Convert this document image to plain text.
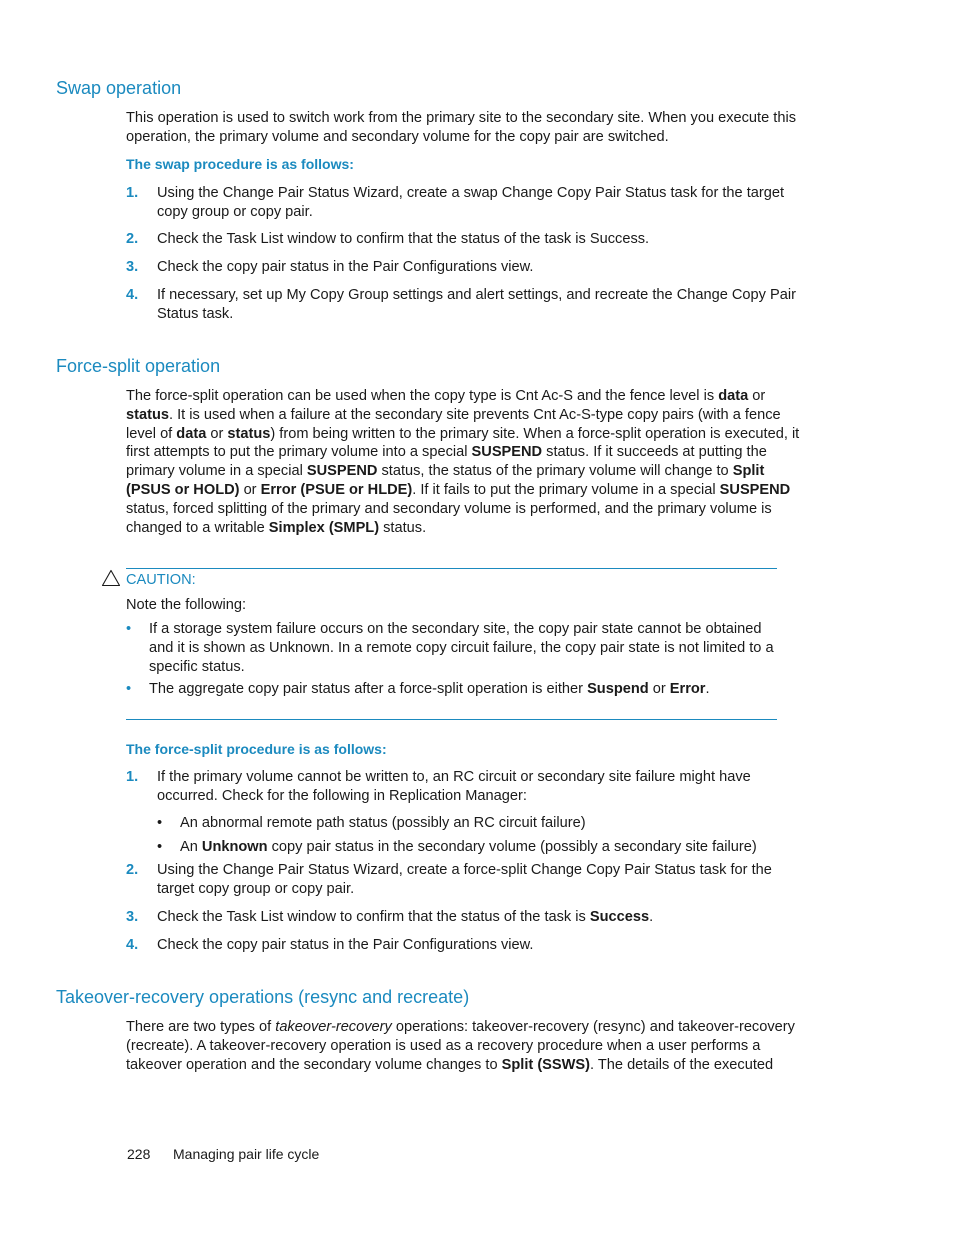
Swap operation
This operation is used to switch work from the primary site to the secondary site. When you execute this operation, the primary volume and secondary volume for the copy pair are switched.
The swap procedure is as follows:
1. Using the Change Pair Status Wizard, create a swap Change Copy Pair Status task for the target copy group or copy pair.
2. Check the Task List window to confirm that the status of the task is Success.
3. Check the copy pair status in the Pair Configurations view.
4. If necessary, set up My Copy Group settings and alert settings, and recreate the Change Copy Pair Status task.
Force-split operation
The force-split operation can be used when the copy type is Cnt Ac-S and the fence level is data or status. It is used when a failure at the secondary site prevents Cnt Ac-S-type copy pairs (with a fence level of data or status) from being written to the primary site. When a force-split operation is executed, it first attempts to put the primary volume into a special SUSPEND status. If it succeeds at putting the primary volume in a special SUSPEND status, the status of the primary volume will change to Split (PSUS or HOLD) or Error (PSUE or HLDE). If it fails to put the primary volume in a special SUSPEND status, forced splitting of the primary and secondary volume is performed, and the primary volume is changed to a writable Simplex (SMPL) status.
CAUTION:
Note the following:
• If a storage system failure occurs on the secondary site, the copy pair state cannot be obtained and it is shown as Unknown. In a remote copy circuit failure, the copy pair state is not limited to a specific status.
• The aggregate copy pair status after a force-split operation is either Suspend or Error.
The force-split procedure is as follows:
1. If the primary volume cannot be written to, an RC circuit or secondary site failure might have occurred. Check for the following in Replication Manager:
• An abnormal remote path status (possibly an RC circuit failure)
• An Unknown copy pair status in the secondary volume (possibly a secondary site failure)
2. Using the Change Pair Status Wizard, create a force-split Change Copy Pair Status task for the target copy group or copy pair.
3. Check the Task List window to confirm that the status of the task is Success.
4. Check the copy pair status in the Pair Configurations view.
Takeover-recovery operations (resync and recreate)
There are two types of takeover-recovery operations: takeover-recovery (resync) and takeover-recovery (recreate). A takeover-recovery operation is used as a recovery procedure when a user performs a takeover operation and the secondary volume changes to Split (SSWS). The details of the executed
228 Managing pair life cycle
